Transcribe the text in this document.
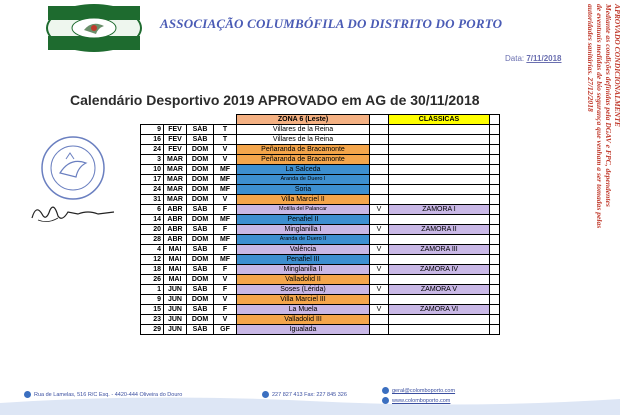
ASSOCIAÇÃO COLUMBÓFILA DO DISTRITO DO PORTO
Data: 7/11/2018	APROVADO CONDICIONALMENTE
Mediante as condições definidas pela DGAV e FPC, dependentes
de eventuais medidas de bio segurança que venham a ser tomadas pelas
autoridades sanitárias. 27/12/2018
Calendário Desportivo 2019 APROVADO em AG de 30/11/2018
				ZONA 6 (Leste)		CLÁSSICAS	
9	FEV	SÁB	T	Villares de la Reina			
16	FEV	SÁB	T	Villares de la Reina			
24	FEV	DOM	V	Peñaranda de Bracamonte			
3	MAR	DOM	V	Peñaranda de Bracamonte			
10	MAR	DOM	MF	La Salceda			
17	MAR	DOM	MF	Aranda de Duero I			
24	MAR	DOM	MF	Soria			
31	MAR	DOM	V	Villa Marciel II			
6	ABR	SÁB	F	Motilla del Palancar	V	ZAMORA I	
14	ABR	DOM	MF	Penafiel II			
20	ABR	SÁB	F	Minglanilla I	V	ZAMORA II	
28	ABR	DOM	MF	Aranda de Duero II			
4	MAI	SÁB	F	Valência	V	ZAMORA III	
12	MAI	DOM	MF	Penafiel III			
18	MAI	SÁB	F	Minglanilla II	V	ZAMORA IV	
26	MAI	DOM	V	Valladolid II			
1	JUN	SÁB	F	Soses (Lérida)	V	ZAMORA V	
9	JUN	DOM	V	Villa Marciel III			
15	JUN	SÁB	F	La Muela	V	ZAMORA VI	
23	JUN	DOM	V	Valladolid III			
29	JUN	SÁB	GF	Igualada			
Rua de Lamelas, 516 R/C Esq. - 4420-444 Oliveira do Douro	227 827 413 Fax: 227 845 326
geral@colomboporto.com
www.colomboporto.com
